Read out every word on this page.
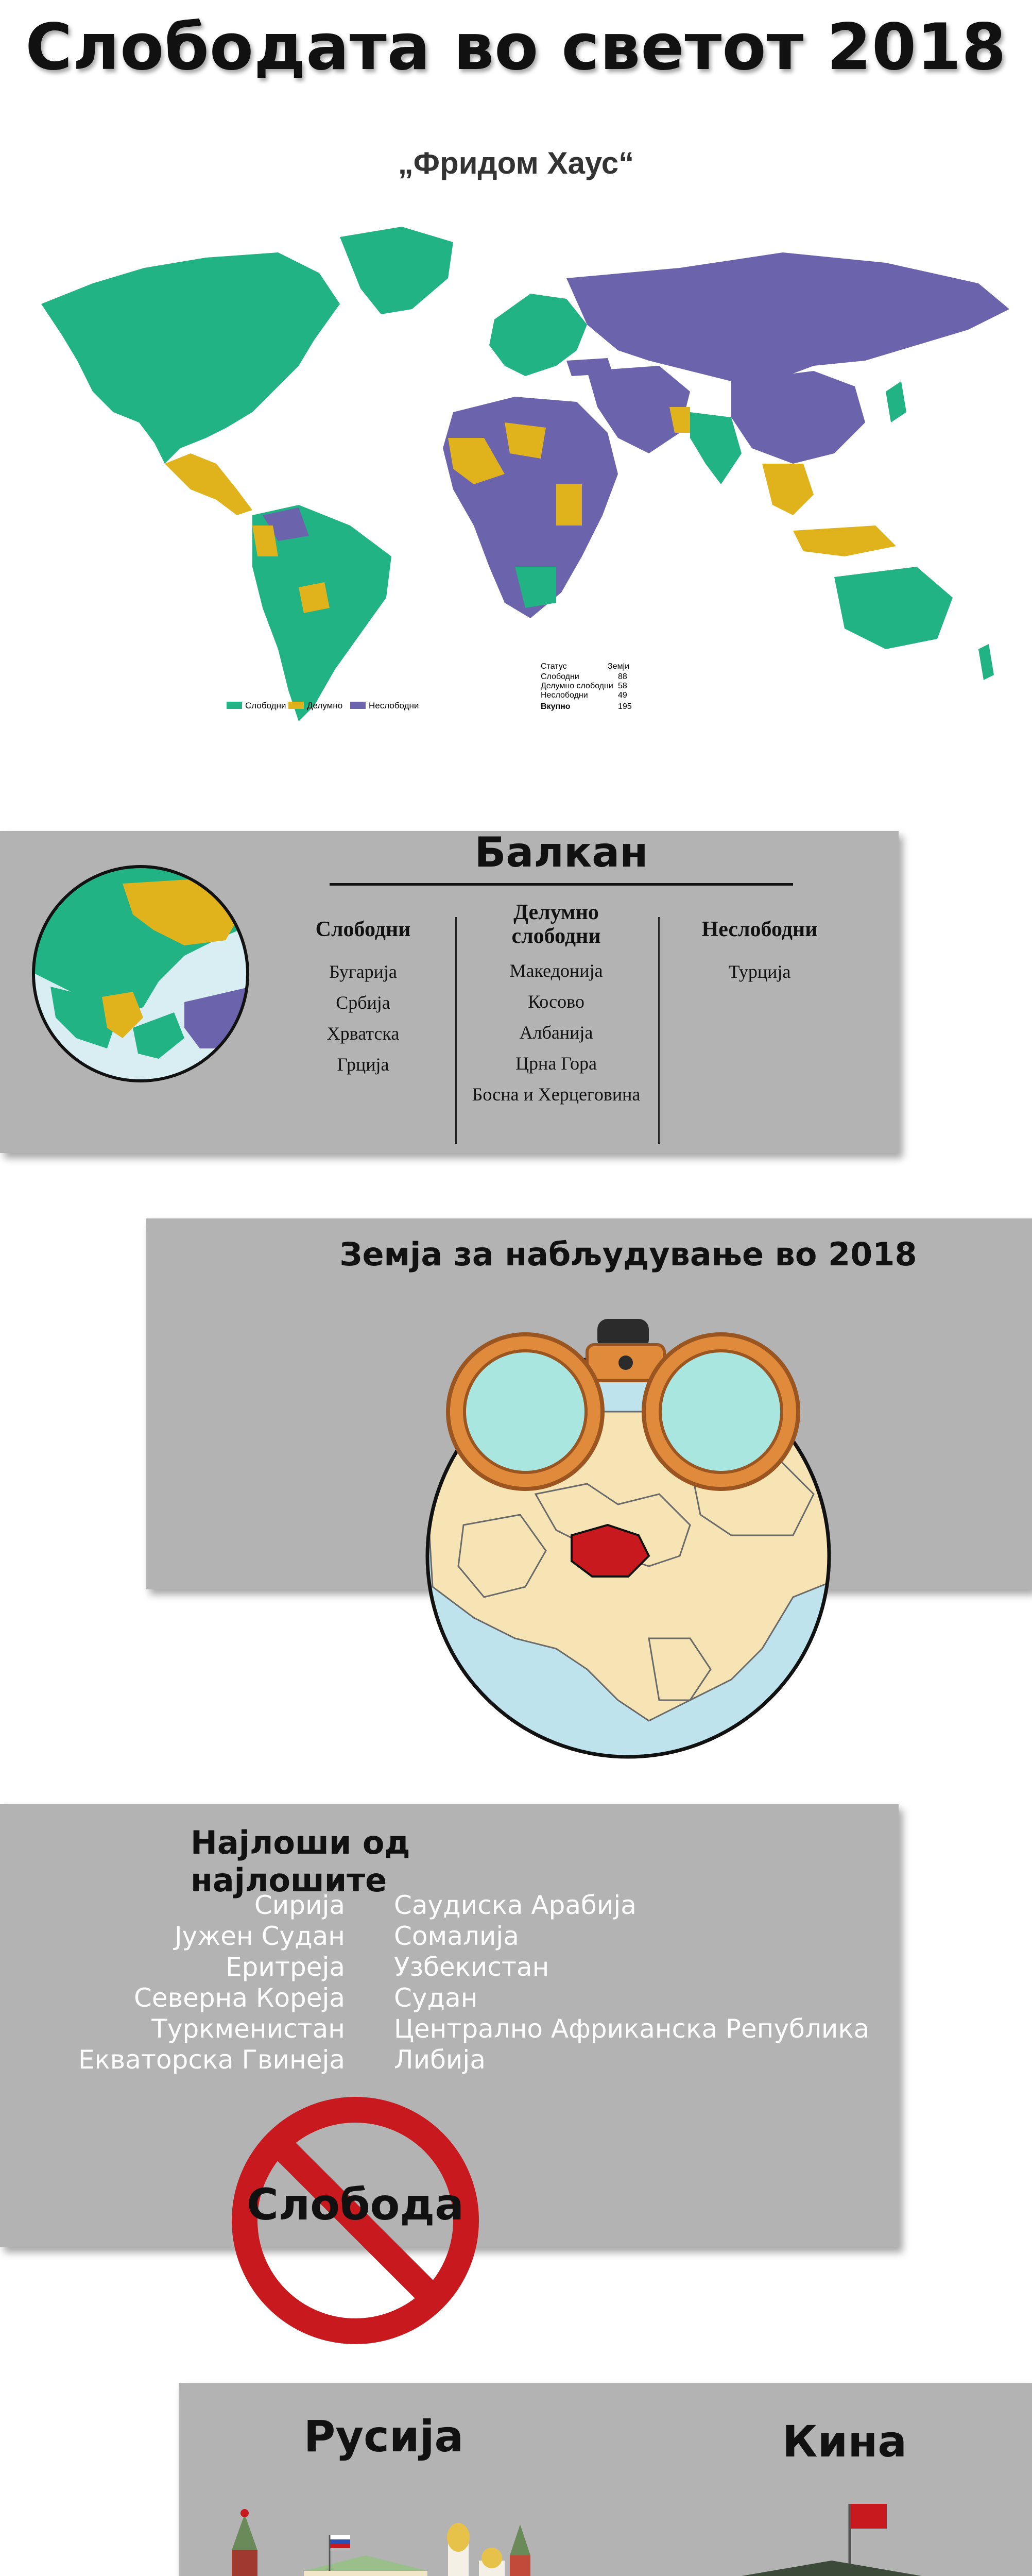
Слободата во светот 2018
„Фридом Хаус“
Слободни Делумно	Неслободни
Статус	Земји
Слободни	88
Делумно слободни 58
Неслободни	49
Вкупно	195
Балкан
Слободни
Бугарија
Србија
Хрватска
Грција
Делумно слободни
Македонија
Косово
Албанија
Црна Гора
Босна и Херцеговина
Неслободни
Турција
Земја за набљудување во 2018
Најлоши од најлошите
Сирија
Јужен Судан
Еритреја
Северна Кореја
Туркменистан
Екваторска Гвинеја
Саудиска Арабија
Сомалија
Узбекистан
Судан
Централно Африканска Република
Либија
Слобода
Русија	Кина
